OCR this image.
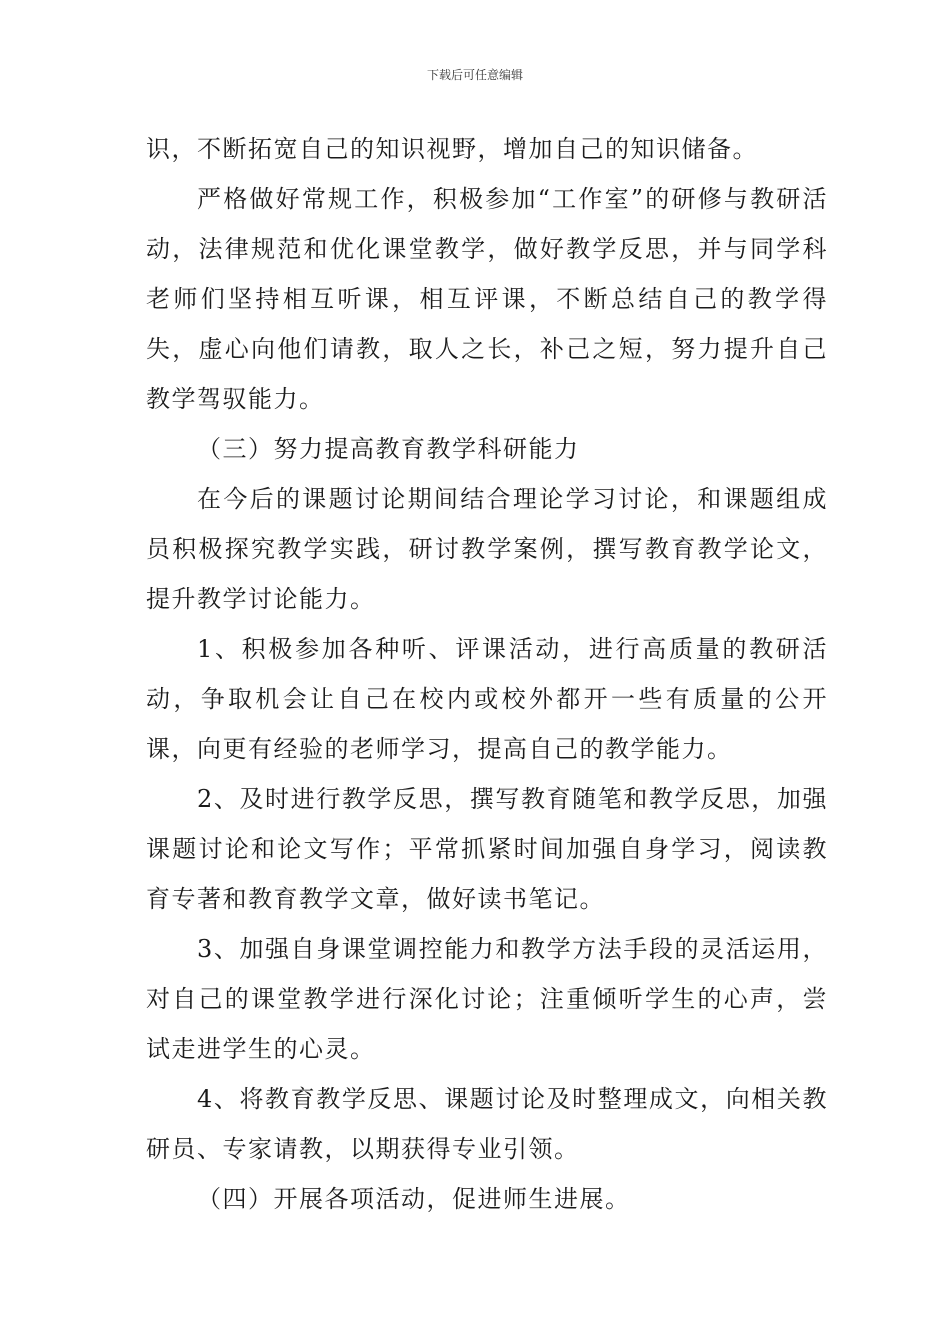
下载后可任意编辑

识，不断拓宽自己的知识视野，增加自己的知识储备。

严格做好常规工作，积极参加“工作室”的研修与教研活动，法律规范和优化课堂教学，做好教学反思，并与同学科老师们坚持相互听课，相互评课，不断总结自己的教学得失，虚心向他们请教，取人之长，补己之短，努力提升自己教学驾驭能力。

（三）努力提高教育教学科研能力

在今后的课题讨论期间结合理论学习讨论，和课题组成员积极探究教学实践，研讨教学案例，撰写教育教学论文，提升教学讨论能力。

1、积极参加各种听、评课活动，进行高质量的教研活动，争取机会让自己在校内或校外都开一些有质量的公开课，向更有经验的老师学习，提高自己的教学能力。

2、及时进行教学反思，撰写教育随笔和教学反思，加强课题讨论和论文写作；平常抓紧时间加强自身学习，阅读教育专著和教育教学文章，做好读书笔记。

3、加强自身课堂调控能力和教学方法手段的灵活运用，对自己的课堂教学进行深化讨论；注重倾听学生的心声，尝试走进学生的心灵。

4、将教育教学反思、课题讨论及时整理成文，向相关教研员、专家请教，以期获得专业引领。

（四）开展各项活动，促进师生进展。
